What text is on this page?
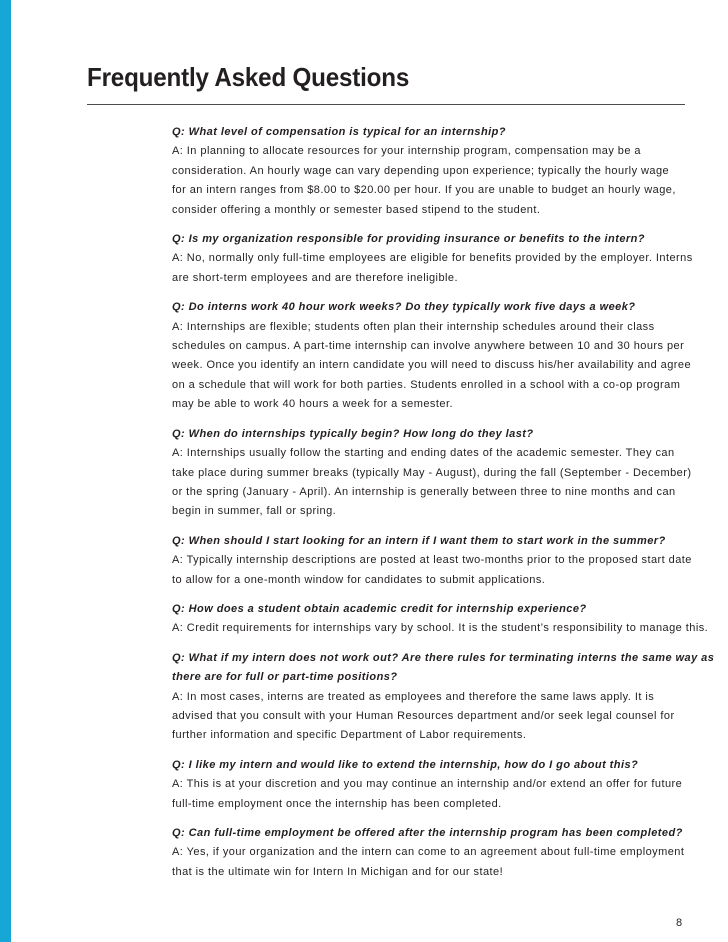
Frequently Asked Questions

Q: What level of compensation is typical for an internship?

A: In planning to allocate resources for your internship program, compensation may be a

consideration. An hourly wage can vary depending upon experience; typically the hourly wage

for an intern ranges from $8.00 to $20.00 per hour. If you are unable to budget an hourly wage,

consider offering a monthly or semester based stipend to the student.

Q: Is my organization responsible for providing insurance or benefits to the intern?

A: No, normally only full-time employees are eligible for benefits provided by the employer. Interns

are short-term employees and are therefore ineligible.

Q: Do interns work 40 hour work weeks? Do they typically work five days a week?

A: Internships are flexible; students often plan their internship schedules around their class

schedules on campus. A part-time internship can involve anywhere between 10 and 30 hours per

week. Once you identify an intern candidate you will need to discuss his/her availability and agree

on a schedule that will work for both parties. Students enrolled in a school with a co-op program

may be able to work 40 hours a week for a semester.

Q: When do internships typically begin? How long do they last?

A: Internships usually follow the starting and ending dates of the academic semester. They can

take place during summer breaks (typically May - August), during the fall (September - December)

or the spring (January - April). An internship is generally between three to nine months and can

begin in summer, fall or spring.

Q: When should I start looking for an intern if I want them to start work in the summer?

A: Typically internship descriptions are posted at least two-months prior to the proposed start date

to allow for a one-month window for candidates to submit applications.

Q: How does a student obtain academic credit for internship experience?

A: Credit requirements for internships vary by school. It is the student’s responsibility to manage this.

Q: What if my intern does not work out? Are there rules for terminating interns the same way as

there are for full or part-time positions?

A: In most cases, interns are treated as employees and therefore the same laws apply. It is

advised that you consult with your Human Resources department and/or seek legal counsel for

further information and specific Department of Labor requirements.

Q: I like my intern and would like to extend the internship, how do I go about this?

A: This is at your discretion and you may continue an internship and/or extend an offer for future

full-time employment once the internship has been completed.

Q: Can full-time employment be offered after the internship program has been completed?

A: Yes, if your organization and the intern can come to an agreement about full-time employment

that is the ultimate win for Intern In Michigan and for our state!

8
